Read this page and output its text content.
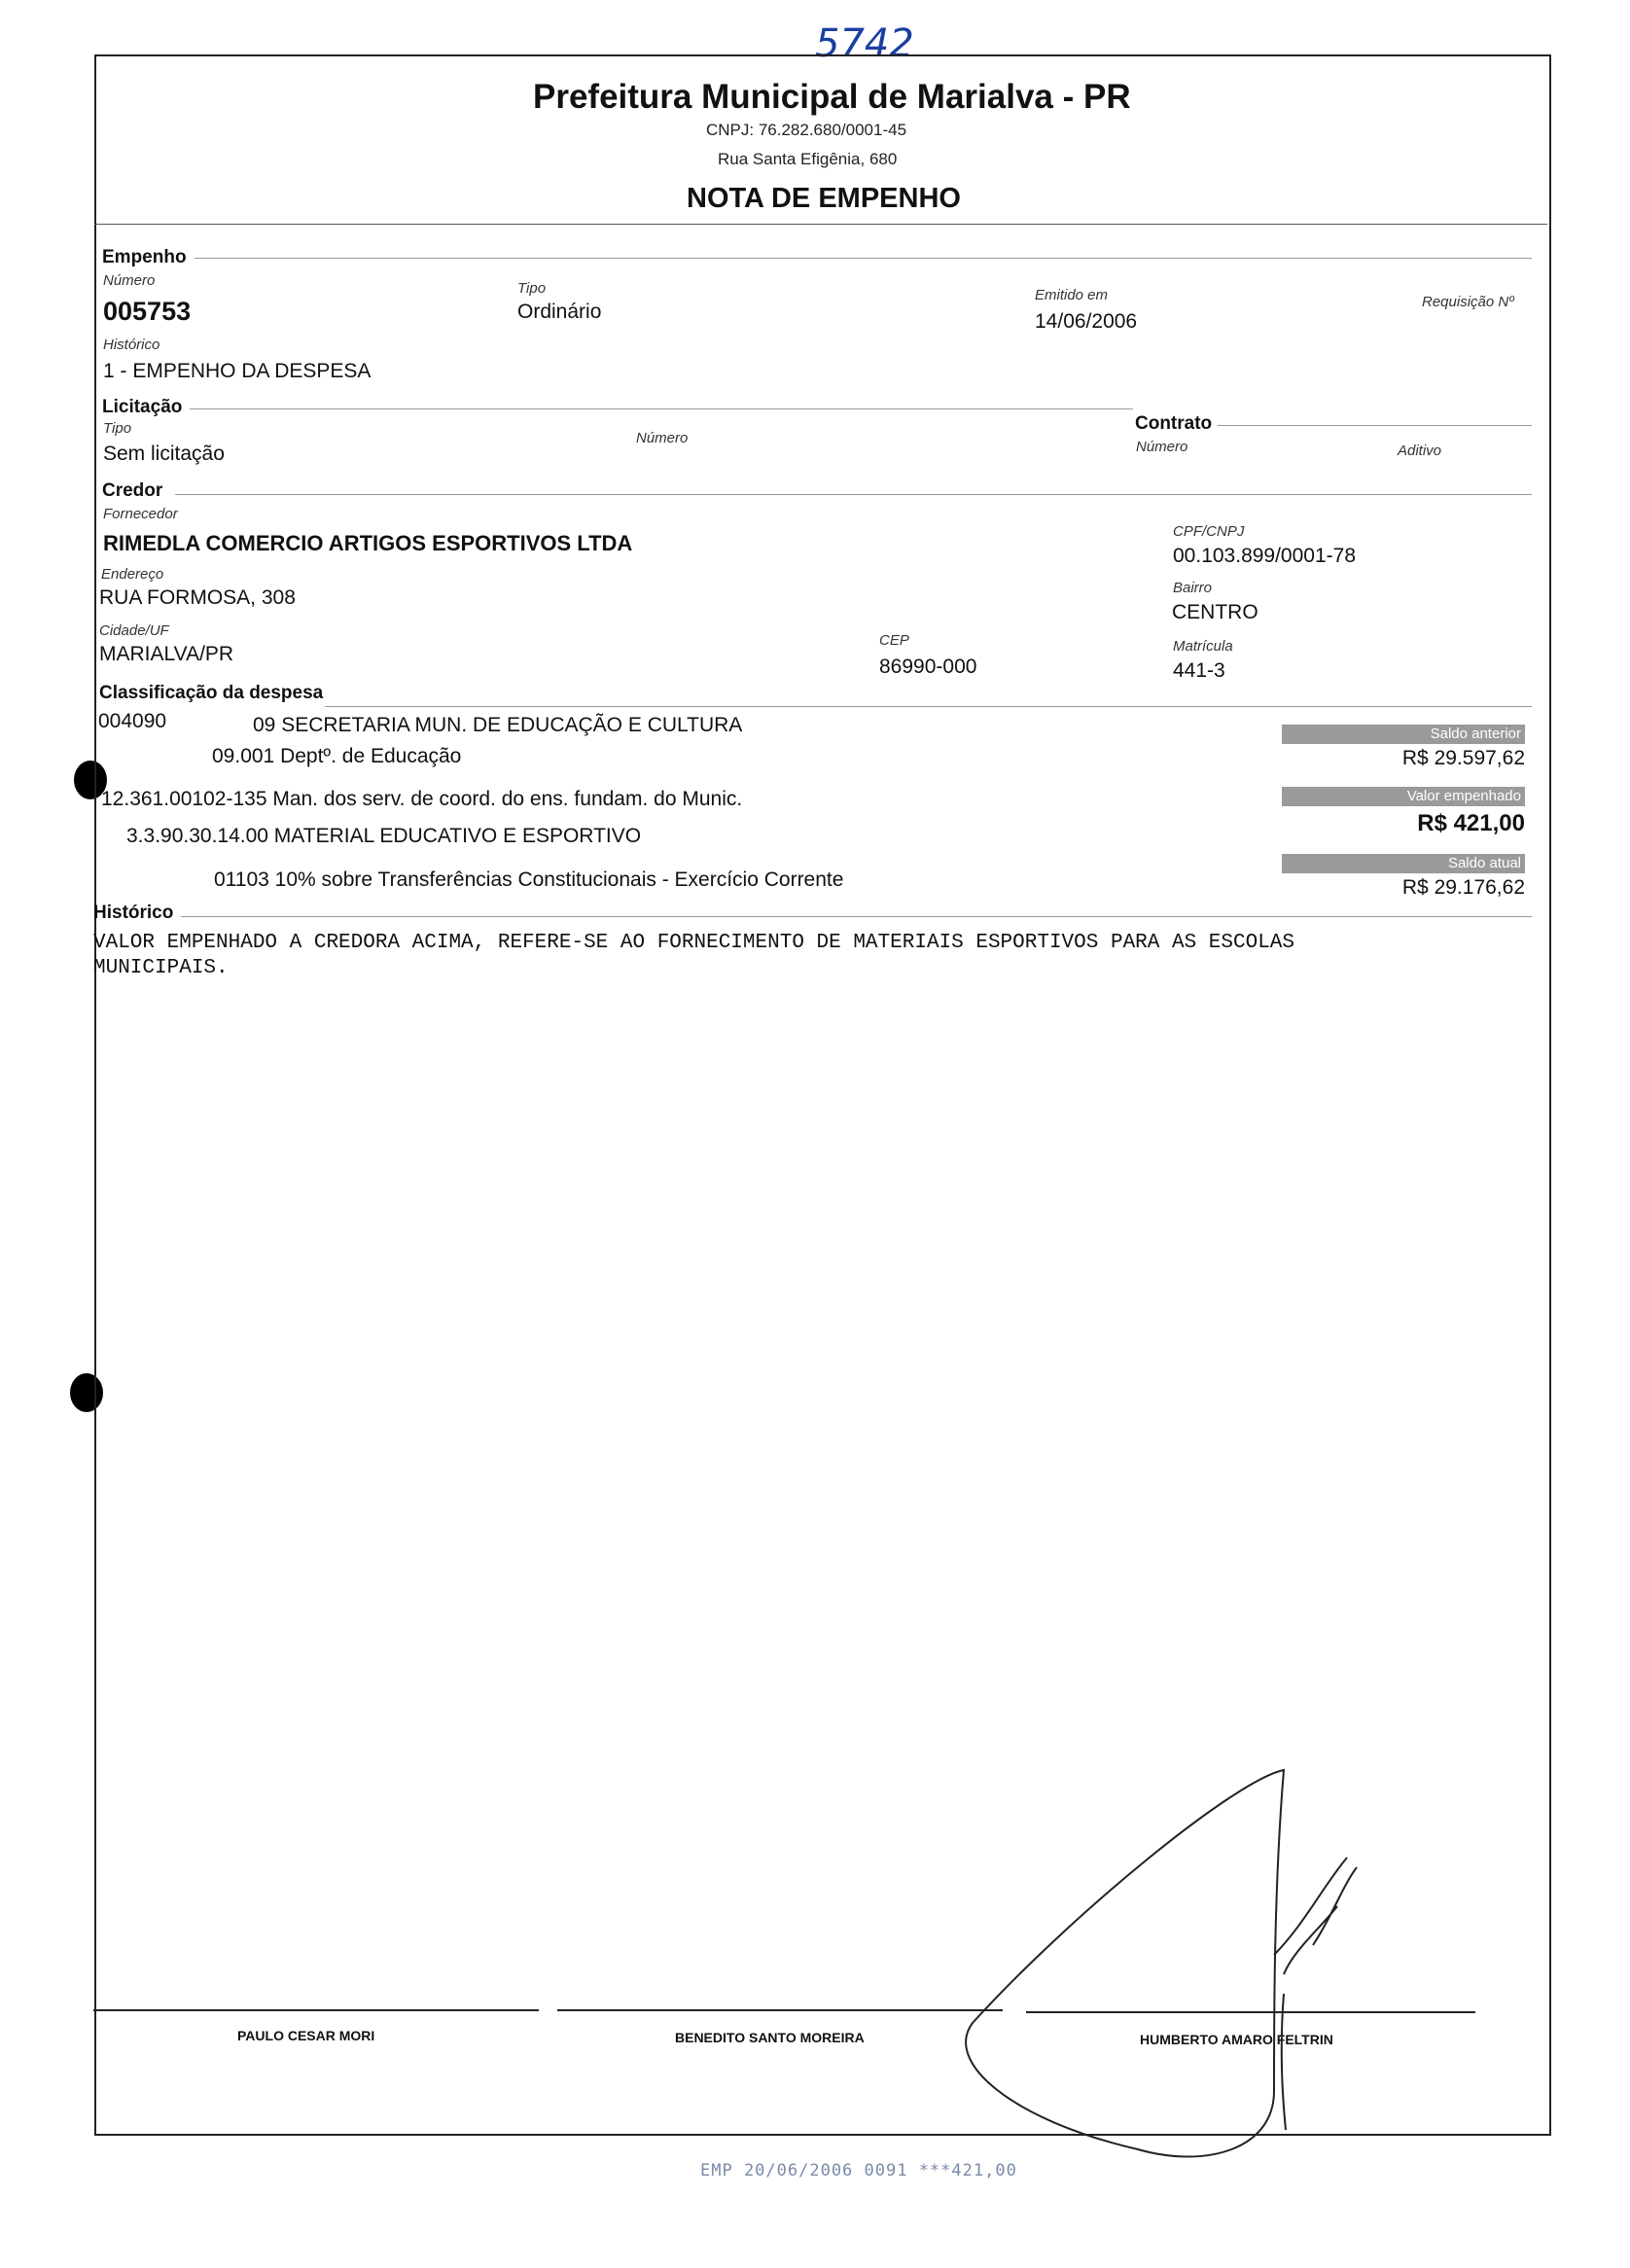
5742
Prefeitura Municipal de Marialva - PR
CNPJ: 76.282.680/0001-45
Rua Santa Efigênia, 680
NOTA DE EMPENHO
Empenho
Número
005753
Tipo
Ordinário
Emitido em
14/06/2006
Requisição Nº
Histórico
1 - EMPENHO DA DESPESA
Licitação
Tipo
Sem licitação
Número
Contrato
Número	Aditivo
Credor
Fornecedor
RIMEDLA COMERCIO ARTIGOS ESPORTIVOS LTDA	CPF/CNPJ
00.103.899/0001-78
Endereço
RUA FORMOSA, 308	Bairro
CENTRO
Cidade/UF
MARIALVA/PR
CEP
86990-000
Matrícula
441-3
Classificação da despesa
004090	09 SECRETARIA MUN. DE EDUCAÇÃO E CULTURA
09.001 Deptº. de Educação
12.361.00102-135 Man. dos serv. de coord. do ens. fundam. do Munic.
3.3.90.30.14.00 MATERIAL EDUCATIVO E ESPORTIVO
01103 10% sobre Transferências Constitucionais - Exercício Corrente
Saldo anterior
R$ 29.597,62
Valor empenhado
R$ 421,00
Saldo atual
R$ 29.176,62
Histórico
VALOR EMPENHADO A CREDORA ACIMA, REFERE-SE AO FORNECIMENTO DE MATERIAIS ESPORTIVOS PARA AS ESCOLAS
MUNICIPAIS.
PAULO CESAR MORI	BENEDITO SANTO MOREIRA	HUMBERTO AMARO FELTRIN
EMP 20/06/2006 0091 ***421,00
